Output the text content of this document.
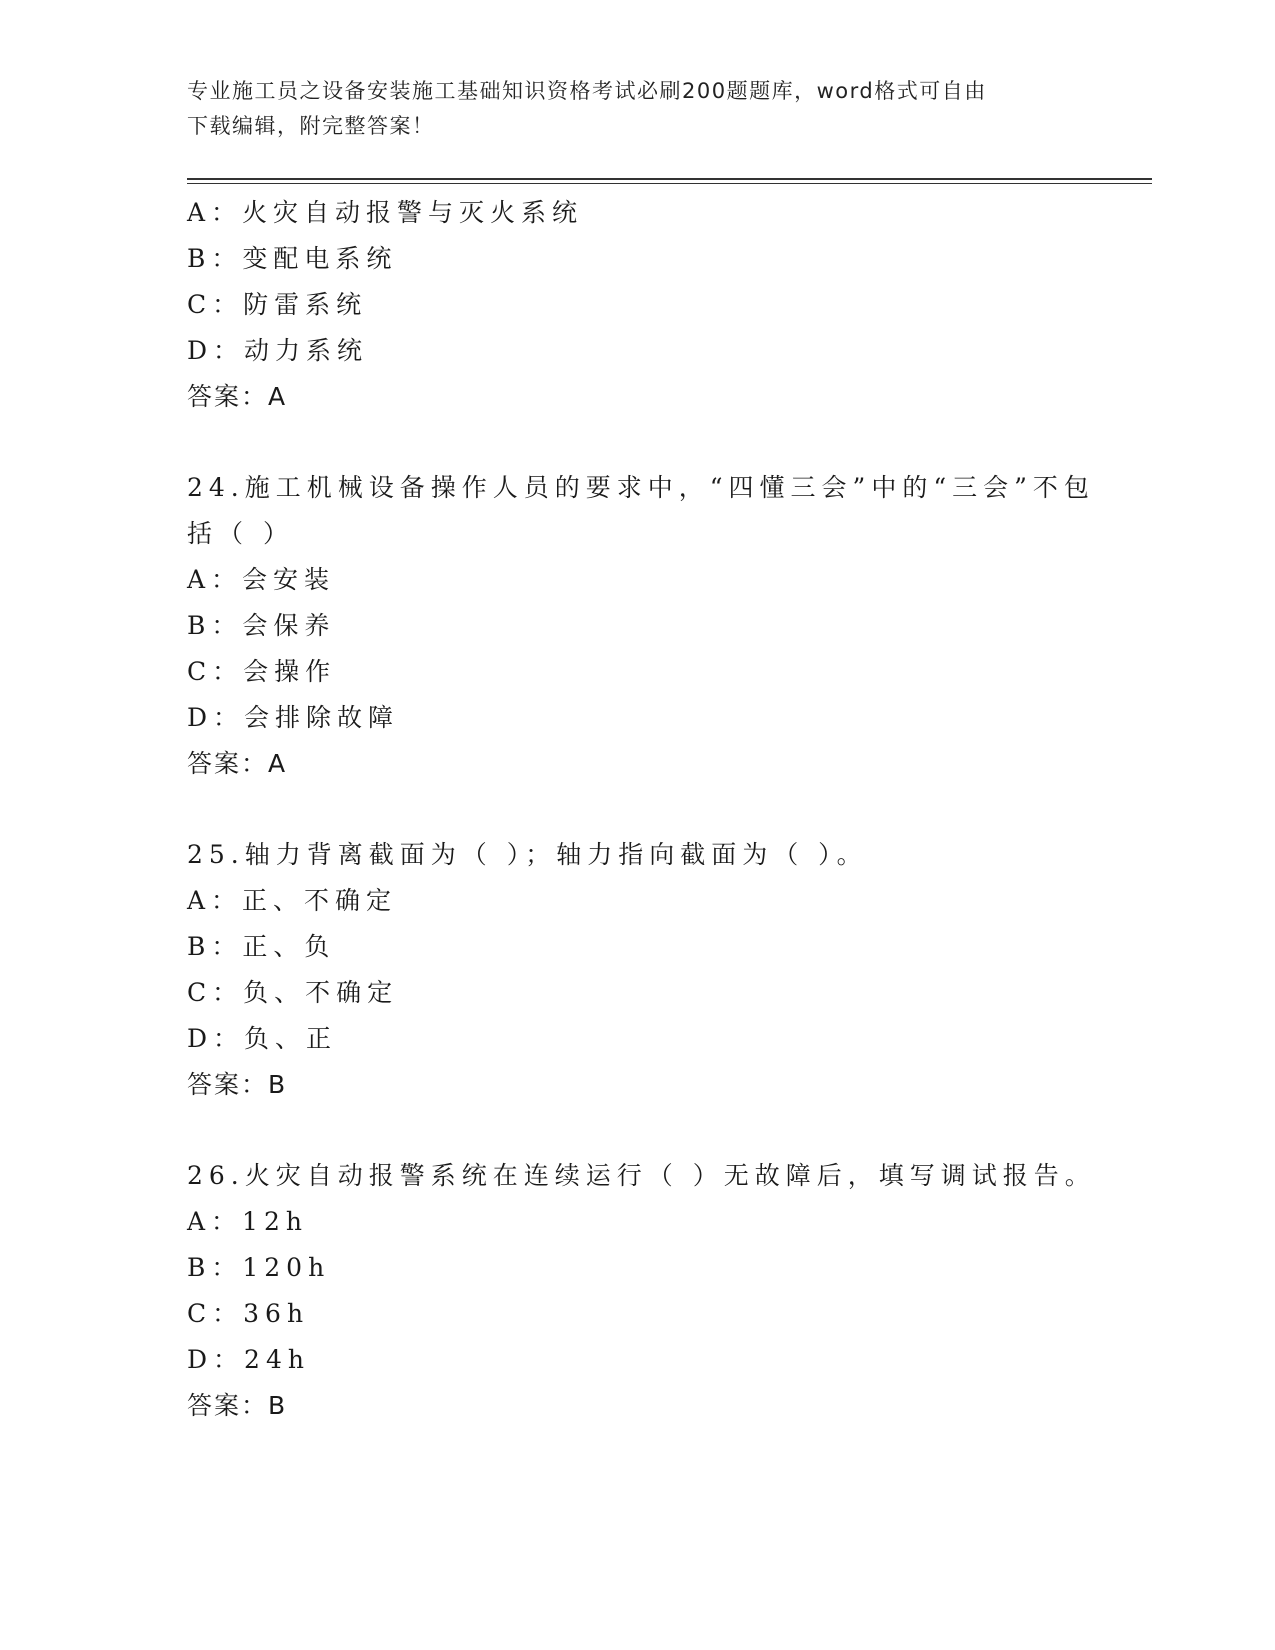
专业施工员之设备安装施工基础知识资格考试必刷200题题库，word格式可自由
下载编辑，附完整答案！
A：火灾自动报警与灭火系统
B：变配电系统
C：防雷系统
D：动力系统
答案：A
24.施工机械设备操作人员的要求中，“四懂三会”中的“三会”不包
括（ ）
A：会安装
B：会保养
C：会操作
D：会排除故障
答案：A
25.轴力背离截面为（ ）；轴力指向截面为（ ）。
A：正、不确定
B：正、负
C：负、不确定
D：负、正
答案：B
26.火灾自动报警系统在连续运行（ ）无故障后，填写调试报告。
A：12h
B：120h
C：36h
D：24h
答案：B
